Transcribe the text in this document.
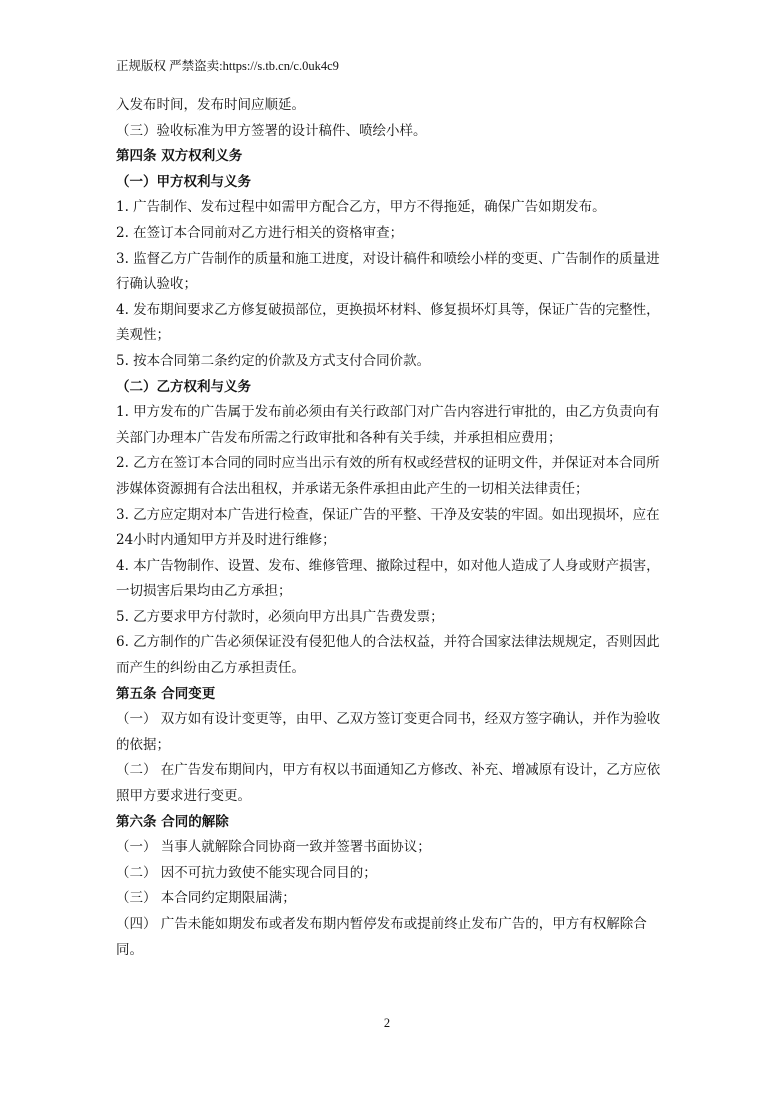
正规版权 严禁盗卖:https://s.tb.cn/c.0uk4c9

入发布时间，发布时间应顺延。

（三）验收标准为甲方签署的设计稿件、喷绘小样。

第四条 双方权利义务

（一）甲方权利与义务

1. 广告制作、发布过程中如需甲方配合乙方，甲方不得拖延，确保广告如期发布。

2. 在签订本合同前对乙方进行相关的资格审查；

3. 监督乙方广告制作的质量和施工进度，对设计稿件和喷绘小样的变更、广告制作的质量进行确认验收；

4. 发布期间要求乙方修复破损部位，更换损坏材料、修复损坏灯具等，保证广告的完整性，美观性；

5. 按本合同第二条约定的价款及方式支付合同价款。

（二）乙方权利与义务

1. 甲方发布的广告属于发布前必须由有关行政部门对广告内容进行审批的，由乙方负责向有关部门办理本广告发布所需之行政审批和各种有关手续，并承担相应费用；

2. 乙方在签订本合同的同时应当出示有效的所有权或经营权的证明文件，并保证对本合同所涉媒体资源拥有合法出租权，并承诺无条件承担由此产生的一切相关法律责任；

3. 乙方应定期对本广告进行检查，保证广告的平整、干净及安装的牢固。如出现损坏，应在24小时内通知甲方并及时进行维修；

4. 本广告物制作、设置、发布、维修管理、撤除过程中，如对他人造成了人身或财产损害，一切损害后果均由乙方承担；

5. 乙方要求甲方付款时，必须向甲方出具广告费发票；

6. 乙方制作的广告必须保证没有侵犯他人的合法权益，并符合国家法律法规规定，否则因此而产生的纠纷由乙方承担责任。

第五条 合同变更

（一） 双方如有设计变更等，由甲、乙双方签订变更合同书，经双方签字确认，并作为验收的依据；

（二） 在广告发布期间内，甲方有权以书面通知乙方修改、补充、增减原有设计，乙方应依照甲方要求进行变更。

第六条 合同的解除

（一） 当事人就解除合同协商一致并签署书面协议；

（二） 因不可抗力致使不能实现合同目的；

（三） 本合同约定期限届满；

（四） 广告未能如期发布或者发布期内暂停发布或提前终止发布广告的，甲方有权解除合同。

2
